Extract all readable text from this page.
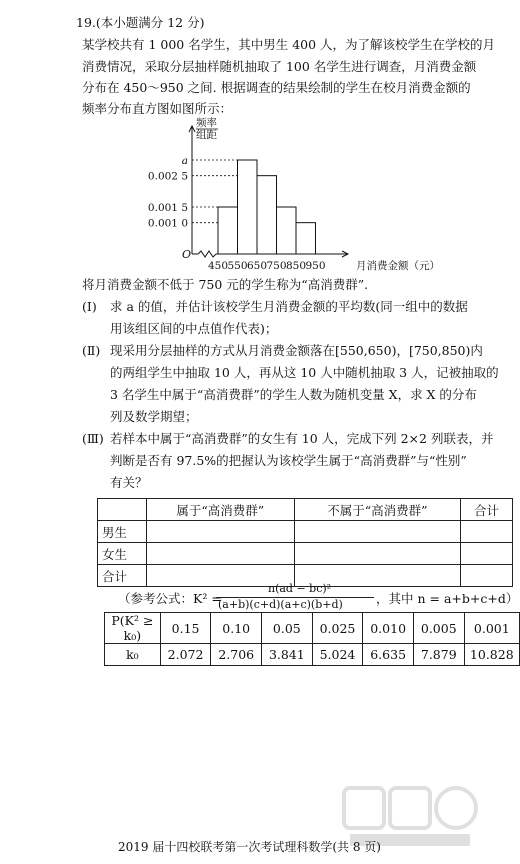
19.(本小题满分 12 分)
某学校共有 1 000 名学生，其中男生 400 人，为了解该校学生在学校的月
消费情况，采取分层抽样随机抽取了 100 名学生进行调查，月消费金额
分布在 450～950 之间. 根据调查的结果绘制的学生在校月消费金额的
频率分布直方图如图所示：
O
频率
组距
0.001 0
0.001 5
0.002 5
a
450 550 650 750 850 950	月消费金额（元）
将月消费金额不低于 750 元的学生称为“高消费群”.
(Ⅰ) 求 a 的值，并估计该校学生月消费金额的平均数(同一组中的数据
用该组区间的中点值作代表)；
(Ⅱ) 现采用分层抽样的方式从月消费金额落在[550,650)，[750,850)内
的两组学生中抽取 10 人，再从这 10 人中随机抽取 3 人，记被抽取的
3 名学生中属于“高消费群”的学生人数为随机变量 X，求 X 的分布
列及数学期望；
(Ⅲ) 若样本中属于“高消费群”的女生有 10 人，完成下列 2×2 列联表，并
判断是否有 97.5%的把握认为该校学生属于“高消费群”与“性别”
有关？
	属于“高消费群”	不属于“高消费群”	合计
男生			
女生			
合计			
（参考公式：K² =
n(ad − bc)²
(a+b)(c+d)(a+c)(b+d)	，其中 n = a+b+c+d）
P(K² ≥ k₀)	0.15	0.10	0.05	0.025	0.010	0.005	0.001
k₀	2.072	2.706	3.841	5.024	6.635	7.879	10.828
2019 届十四校联考第一次考试理科数学(共 8 页)
